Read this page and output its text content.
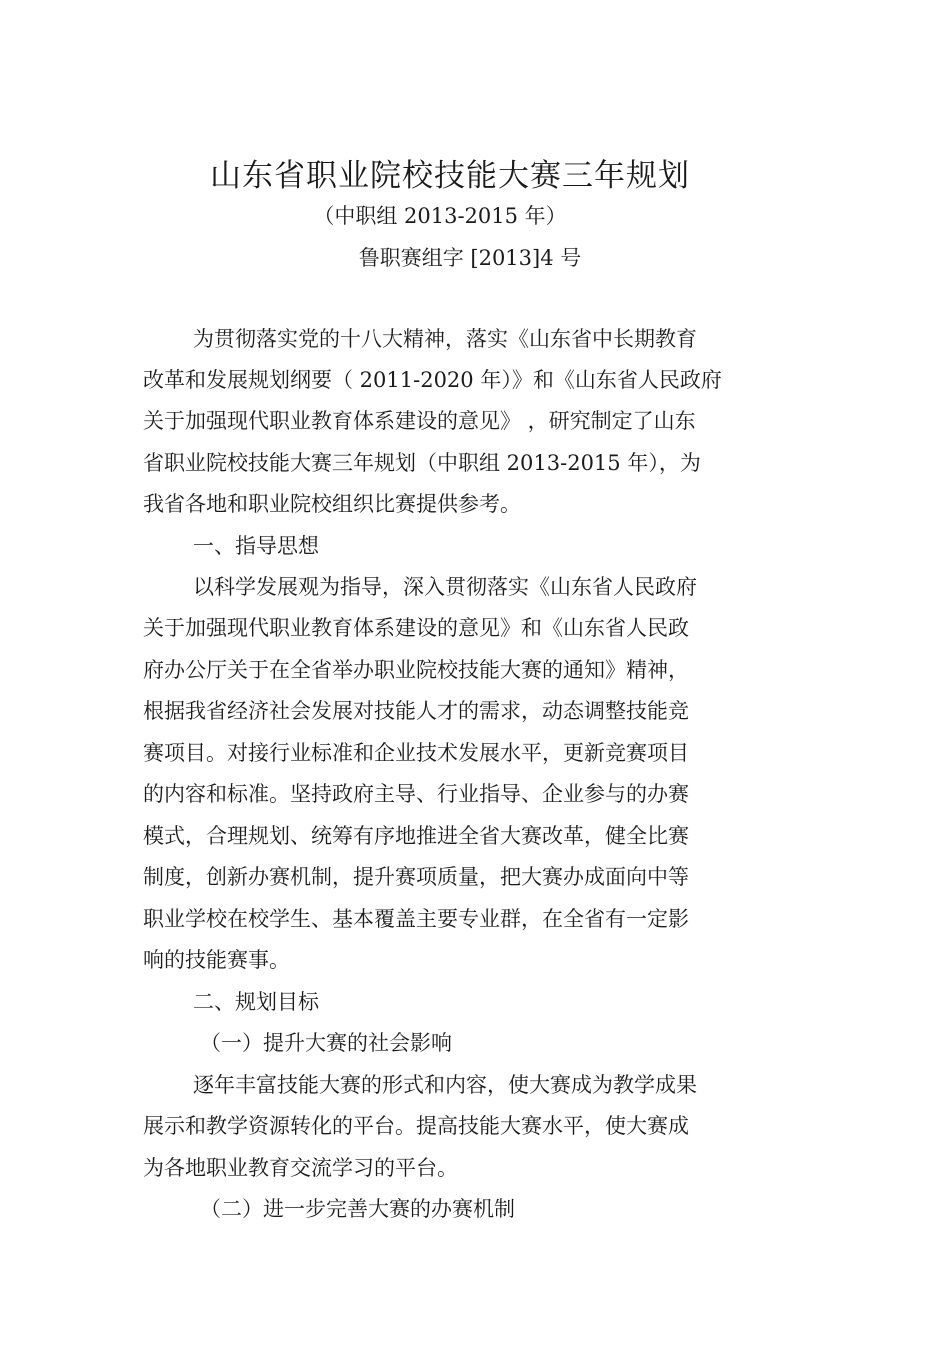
山东省职业院校技能大赛三年规划
（中职组 2013-2015 年）
鲁职赛组字 [2013]4 号
为贯彻落实党的十八大精神，落实《山东省中长期教育
改革和发展规划纲要（ 2011-2020 年）》和《山东省人民政府
关于加强现代职业教育体系建设的意见》 ，研究制定了山东
省职业院校技能大赛三年规划（中职组 2013-2015 年），为
我省各地和职业院校组织比赛提供参考。
一、指导思想
以科学发展观为指导，深入贯彻落实《山东省人民政府
关于加强现代职业教育体系建设的意见》和《山东省人民政
府办公厅关于在全省举办职业院校技能大赛的通知》精神，
根据我省经济社会发展对技能人才的需求，动态调整技能竞
赛项目。对接行业标准和企业技术发展水平，更新竞赛项目
的内容和标准。坚持政府主导、行业指导、企业参与的办赛
模式，合理规划、统筹有序地推进全省大赛改革，健全比赛
制度，创新办赛机制，提升赛项质量，把大赛办成面向中等
职业学校在校学生、基本覆盖主要专业群，在全省有一定影
响的技能赛事。
二、规划目标
（一）提升大赛的社会影响
逐年丰富技能大赛的形式和内容，使大赛成为教学成果
展示和教学资源转化的平台。提高技能大赛水平，使大赛成
为各地职业教育交流学习的平台。
（二）进一步完善大赛的办赛机制
